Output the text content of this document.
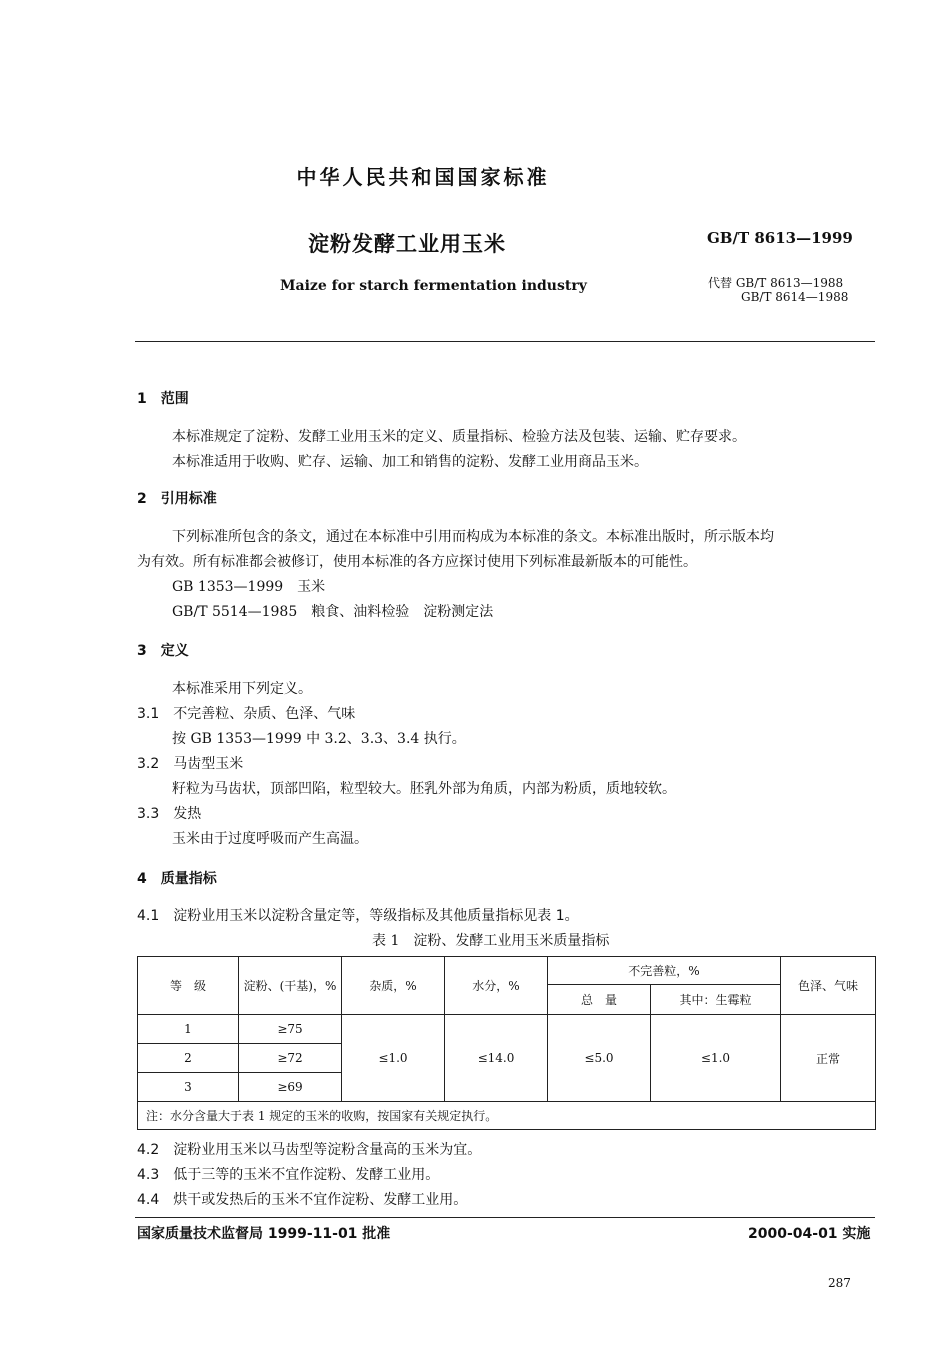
中华人民共和国国家标准
淀粉发酵工业用玉米	GB/T 8613—1999
Maize for starch fermentation industry	代替 GB/T 8613—1988
GB/T 8614—1988
1　范围
本标准规定了淀粉、发酵工业用玉米的定义、质量指标、检验方法及包装、运输、贮存要求。
本标准适用于收购、贮存、运输、加工和销售的淀粉、发酵工业用商品玉米。
2　引用标准
下列标准所包含的条文，通过在本标准中引用而构成为本标准的条文。本标准出版时，所示版本均
为有效。所有标准都会被修订，使用本标准的各方应探讨使用下列标准最新版本的可能性。
GB 1353—1999　玉米
GB/T 5514—1985　粮食、油料检验　淀粉测定法
3　定义
本标准采用下列定义。
3.1　不完善粒、杂质、色泽、气味
按 GB 1353—1999 中 3.2、3.3、3.4 执行。
3.2　马齿型玉米
籽粒为马齿状，顶部凹陷，粒型较大。胚乳外部为角质，内部为粉质，质地较软。
3.3　发热
玉米由于过度呼吸而产生高温。
4　质量指标
4.1　淀粉业用玉米以淀粉含量定等，等级指标及其他质量指标见表 1。
表 1　淀粉、发酵工业用玉米质量指标
等　级	淀粉、(干基)，%	杂质，%	水分，%	不完善粒，%		色泽、气味
				总　量	其中：生霉粒	
1	≥75	≤1.0	≤14.0	≤5.0	≤1.0	正常
2	≥72					
3	≥69					
注：水分含量大于表 1 规定的玉米的收购，按国家有关规定执行。						
4.2　淀粉业用玉米以马齿型等淀粉含量高的玉米为宜。
4.3　低于三等的玉米不宜作淀粉、发酵工业用。
4.4　烘干或发热后的玉米不宜作淀粉、发酵工业用。
国家质量技术监督局 1999-11-01 批准	2000-04-01 实施
287
